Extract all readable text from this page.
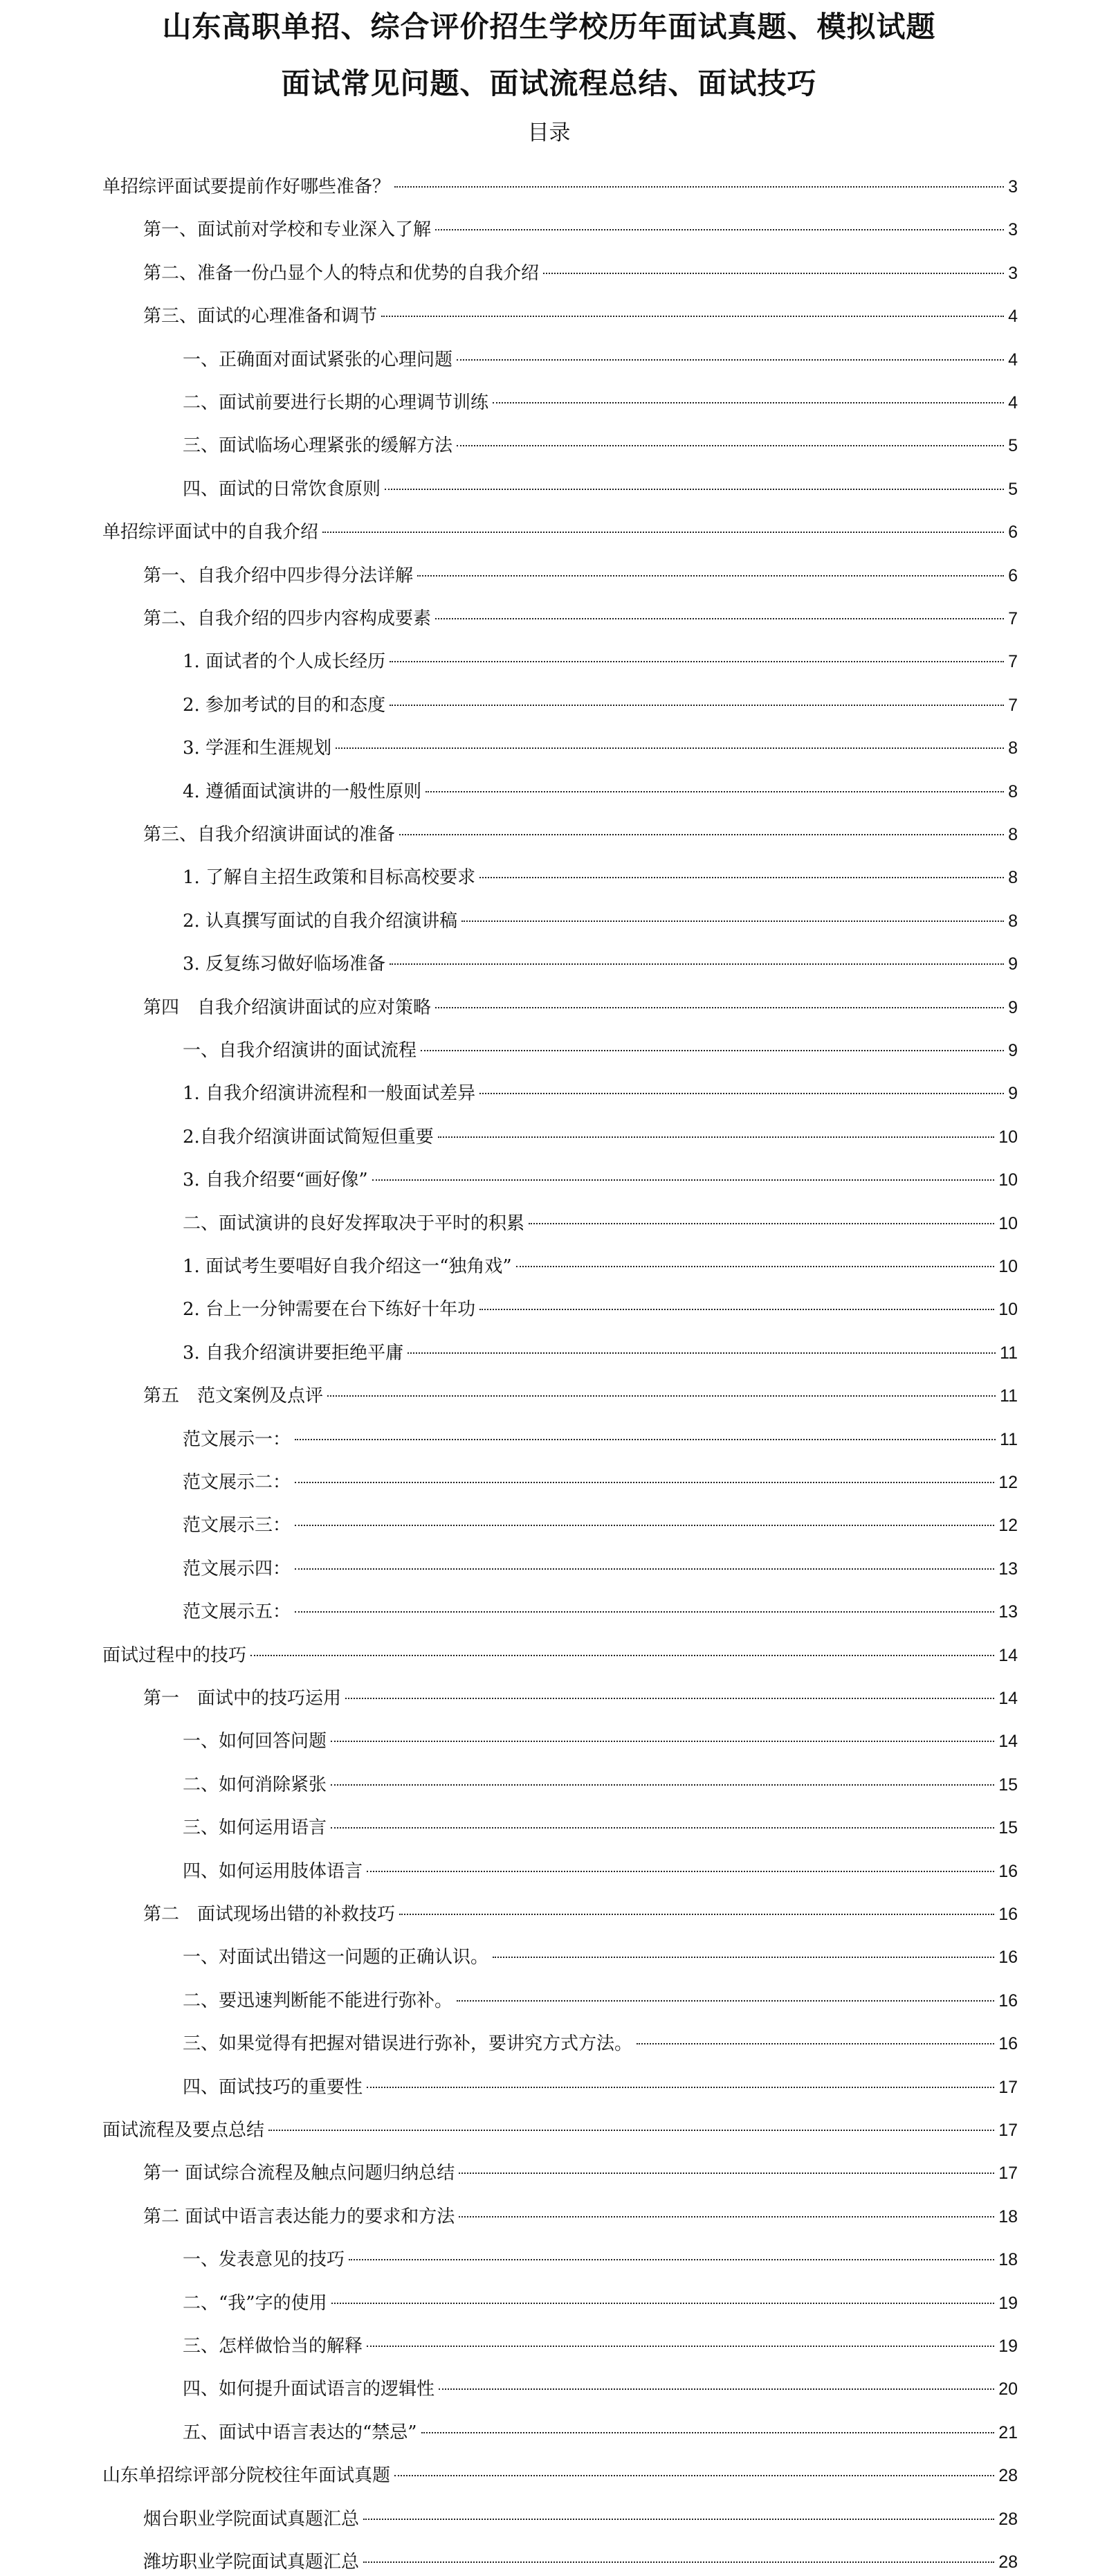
山东高职单招、综合评价招生学校历年面试真题、模拟试题
面试常见问题、面试流程总结、面试技巧
目录
单招综评面试要提前作好哪些准备？	3
第一、面试前对学校和专业深入了解	3
第二、准备一份凸显个人的特点和优势的自我介绍	3
第三、面试的心理准备和调节	4
一、正确面对面试紧张的心理问题	4
二、面试前要进行长期的心理调节训练	4
三、面试临场心理紧张的缓解方法	5
四、面试的日常饮食原则	5
单招综评面试中的自我介绍	6
第一、自我介绍中四步得分法详解	6
第二、自我介绍的四步内容构成要素	7
1. 面试者的个人成长经历	7
2. 参加考试的目的和态度	7
3. 学涯和生涯规划	8
4. 遵循面试演讲的一般性原则	8
第三、自我介绍演讲面试的准备	8
1. 了解自主招生政策和目标高校要求	8
2. 认真撰写面试的自我介绍演讲稿	8
3. 反复练习做好临场准备	9
第四　自我介绍演讲面试的应对策略	9
一、自我介绍演讲的面试流程	9
1. 自我介绍演讲流程和一般面试差异	9
2.自我介绍演讲面试简短但重要	10
3. 自我介绍要“画好像”	10
二、面试演讲的良好发挥取决于平时的积累	10
1. 面试考生要唱好自我介绍这一“独角戏”	10
2. 台上一分钟需要在台下练好十年功	10
3. 自我介绍演讲要拒绝平庸	11
第五　范文案例及点评	11
范文展示一：	11
范文展示二：	12
范文展示三：	12
范文展示四：	13
范文展示五：	13
面试过程中的技巧	14
第一　面试中的技巧运用	14
一、如何回答问题	14
二、如何消除紧张	15
三、如何运用语言	15
四、如何运用肢体语言	16
第二　面试现场出错的补救技巧	16
一、对面试出错这一问题的正确认识。	16
二、要迅速判断能不能进行弥补。	16
三、如果觉得有把握对错误进行弥补，要讲究方式方法。	16
四、面试技巧的重要性	17
面试流程及要点总结	17
第一 面试综合流程及触点问题归纳总结	17
第二 面试中语言表达能力的要求和方法	18
一、发表意见的技巧	18
二、“我”字的使用	19
三、怎样做恰当的解释	19
四、如何提升面试语言的逻辑性	20
五、面试中语言表达的“禁忌”	21
山东单招综评部分院校往年面试真题	28
烟台职业学院面试真题汇总	28
潍坊职业学院面试真题汇总	28
